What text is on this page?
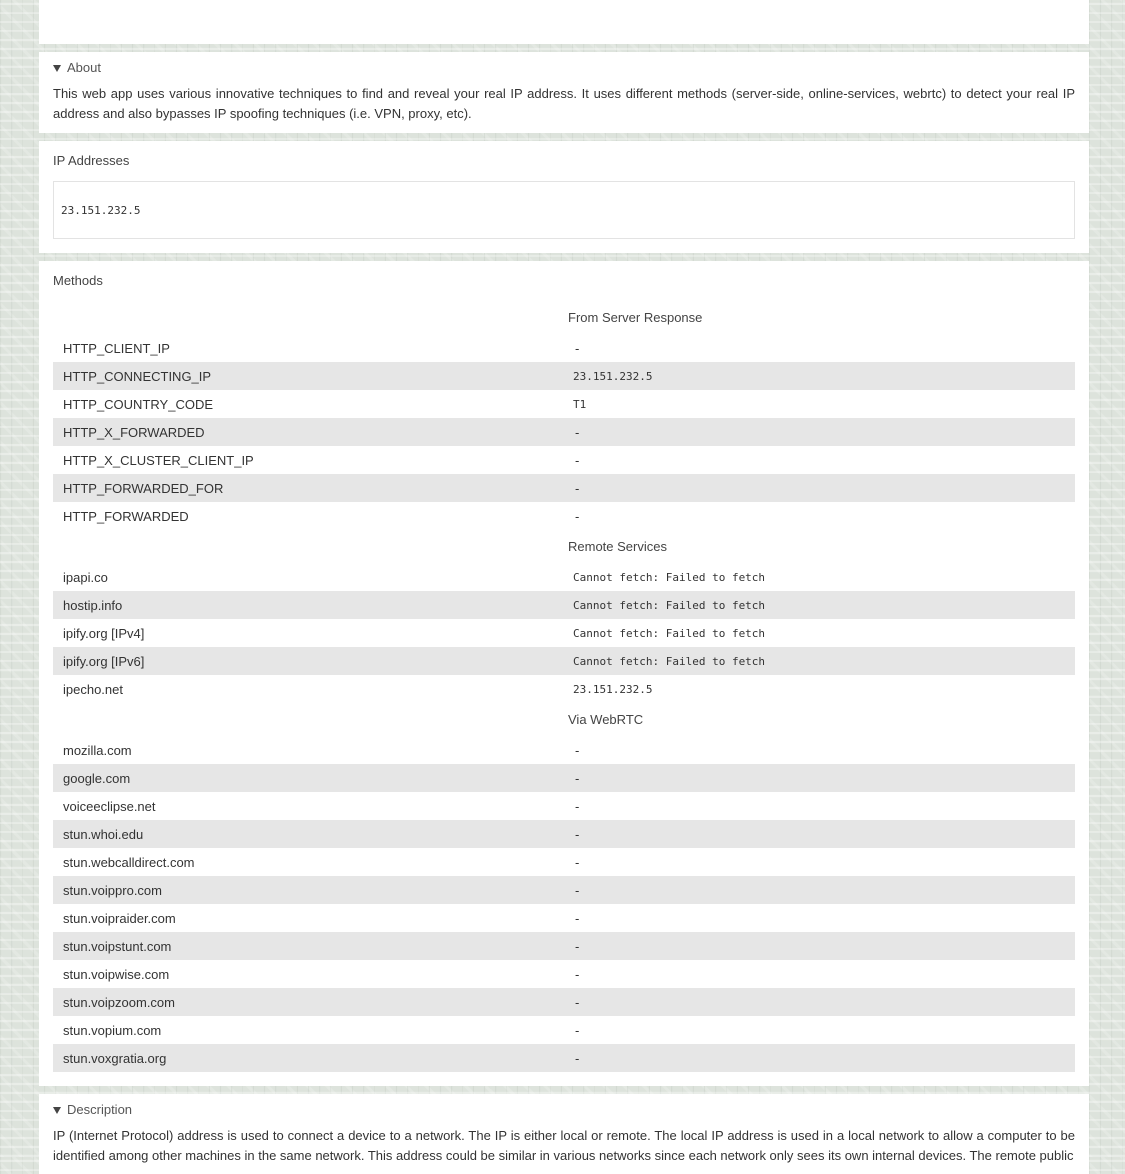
About

This web app uses various innovative techniques to find and reveal your real IP address. It uses different methods (server-side, online-services, webrtc) to detect your real IP address and also bypasses IP spoofing techniques (i.e. VPN, proxy, etc).

IP Addresses
23.151.232.5
Methods
From Server Response
HTTP_CLIENT_IP	-
HTTP_CONNECTING_IP	23.151.232.5
HTTP_COUNTRY_CODE	T1
HTTP_X_FORWARDED	-
HTTP_X_CLUSTER_CLIENT_IP	-
HTTP_FORWARDED_FOR	-
HTTP_FORWARDED	-
Remote Services
ipapi.co	Cannot fetch: Failed to fetch
hostip.info	Cannot fetch: Failed to fetch
ipify.org [IPv4]	Cannot fetch: Failed to fetch
ipify.org [IPv6]	Cannot fetch: Failed to fetch
ipecho.net	23.151.232.5
Via WebRTC
mozilla.com	-
google.com	-
voiceeclipse.net	-
stun.whoi.edu	-
stun.webcalldirect.com	-
stun.voippro.com	-
stun.voipraider.com	-
stun.voipstunt.com	-
stun.voipwise.com	-
stun.voipzoom.com	-
stun.vopium.com	-
stun.voxgratia.org	-
Description

IP (Internet Protocol) address is used to connect a device to a network. The IP is either local or remote. The local IP address is used in a local network to allow a computer to be identified among other machines in the same network. This address could be similar in various networks since each network only sees its own internal devices. The remote public
